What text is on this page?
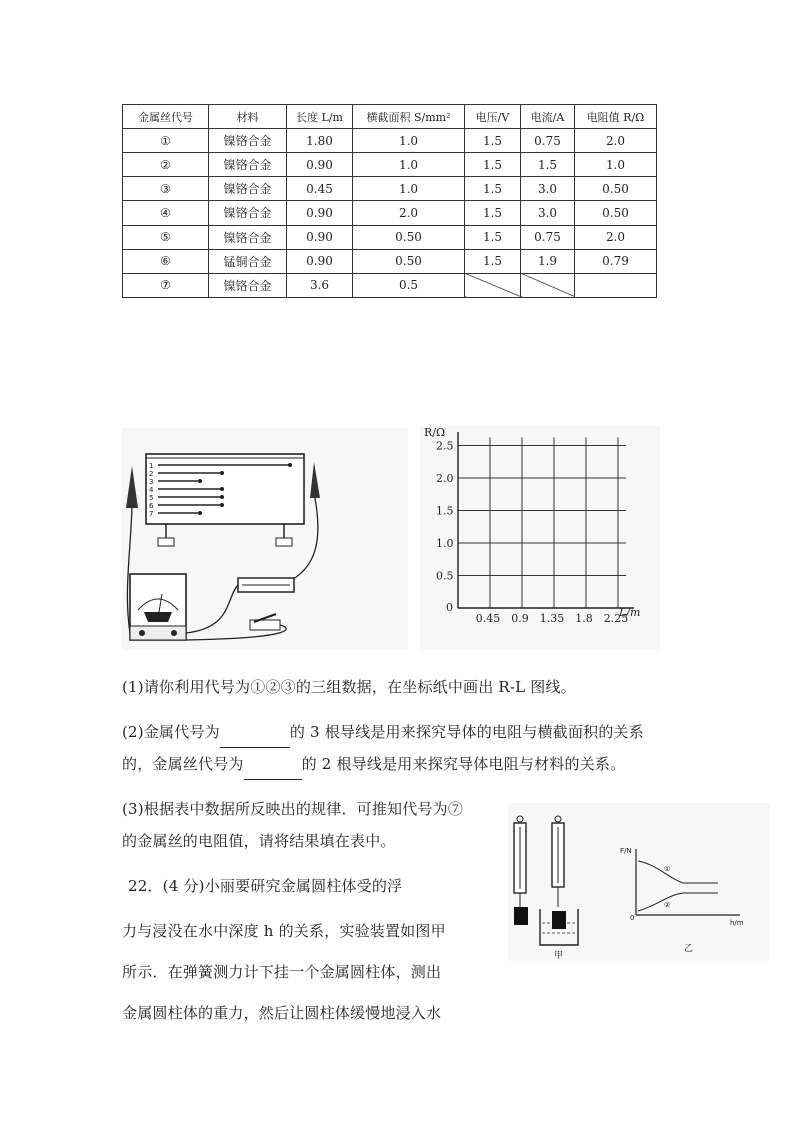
金属丝代号	材料	长度 L/m	横截面积 S/mm²	电压/V	电流/A	电阻值 R/Ω
①	镍铬合金	1.80	1.0	1.5	0.75	2.0
②	镍铬合金	0.90	1.0	1.5	1.5	1.0
③	镍铬合金	0.45	1.0	1.5	3.0	0.50
④	镍铬合金	0.90	2.0	1.5	3.0	0.50
⑤	镍铬合金	0.90	0.50	1.5	0.75	2.0
⑥	锰铜合金	0.90	0.50	1.5	1.9	0.79
⑦	镍铬合金	3.6	0.5			
1
2
3
4
5
6
7
R/Ω
L/m
0
0.5
1.0
1.5
2.0
2.5
0.45 0.9 1.35 1.8 2.25
(1)请你利用代号为①②③的三组数据，在坐标纸中画出 R-L 图线。
(2)金属代号为	的 3 根导线是用来探究导体的电阻与横截面积的关系
的，金属丝代号为	的 2 根导线是用来探究导体电阻与材料的关系。
(3)根据表中数据所反映出的规律．可推知代号为⑦
的金属丝的电阻值，请将结果填在表中。
22．(4 分)小丽要研究金属圆柱体受的浮
力与浸没在水中深度 h 的关系，实验装置如图甲
所示．在弹簧测力计下挂一个金属圆柱体，测出
金属圆柱体的重力，然后让圆柱体缓慢地浸入水
甲
F/N
h/m
0
①
②
乙
